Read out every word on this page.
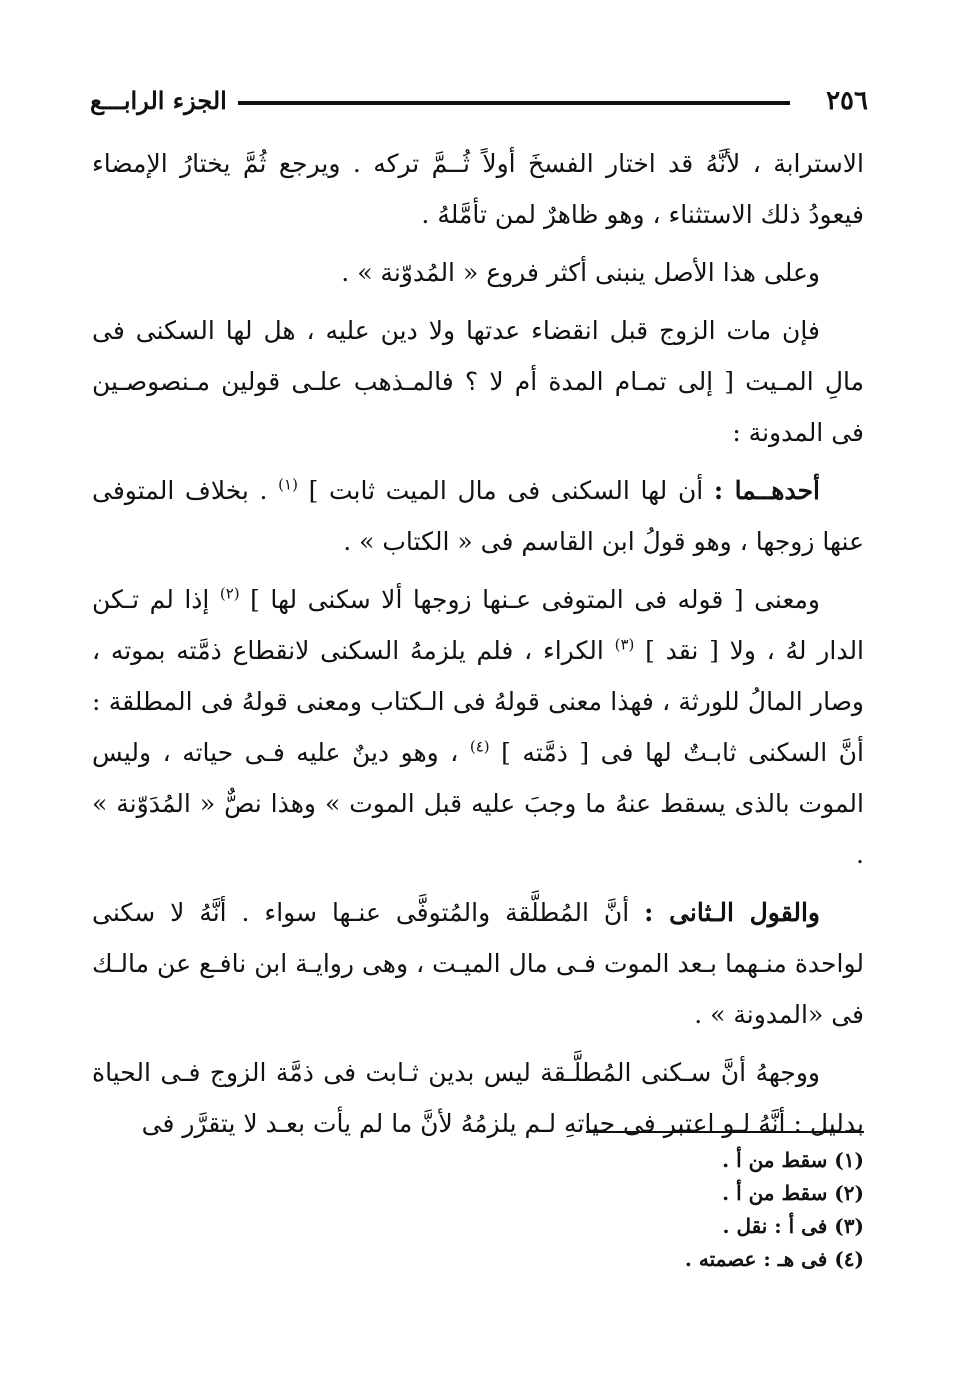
٢٥٦
الجزء الرابـــع

الاسترابة ، لأنَّهُ قد اختار الفسخَ أولاً ثُــمَّ تركه . ويرجع ثُمَّ يختارُ الإمضاء فيعودُ ذلك الاستثناء ، وهو ظاهرٌ لمن تأمَّلهُ .

وعلى هذا الأصل ينبنى أكثر فروع « المُدوّنة » .

فإن مات الزوج قبل انقضاء عدتها ولا دين عليه ، هل لها السكنى فى مالِ المـيت [ إلى تمـام المدة أم لا ؟ فالمـذهب علـى قولين مـنصوصـين فى المدونة :

أحدهــما : أن لها السكنى فى مال الميت ثابت ] $^{(١)}$ . بخلاف المتوفى عنها زوجها ، وهو قولُ ابن القاسم فى « الكتاب » .

ومعنى [ قوله فى المتوفى عـنها زوجها ألا سكنى لها ] $^{(٢)}$ إذا لم تـكن الدار لهُ ، ولا [ نقد ] $^{(٣)}$ الكراء ، فلم يلزمهُ السكنى لانقطاع ذمَّته بموته ، وصار المالُ للورثة ، فهذا معنى قولهُ فى الـكتاب ومعنى قولهُ فى المطلقة : أنَّ السكنى ثابـتٌ لها فى [ ذمَّته ] $^{(٤)}$ ، وهو دينٌ عليه فـى حياته ، وليس الموت بالذى يسقط عنهُ ما وجبَ عليه قبل الموت » وهذا نصٌّ « المُدَوّنة » .

والقول الـثانى : أنَّ المُطلَّقة والمُتوفَّى عنـها سواء . أنَّهُ لا سكنى لواحدة منـهما بـعد الموت فـى مال الميـت ، وهى روايـة ابن نافـع عن مالـك فى «المدونة » .

ووجههُ أنَّ سـكنى المُطلَّـقة ليس بدين ثـابت فى ذمَّة الزوج فـى الحياة بدليل : أنَّهُ لـو اعتبر فى حياتهِ لـم يلزمُهُ لأنَّ ما لم يأت بعـد لا يتقرَّر فى

(١) سقط من أ .
(٢) سقط من أ .
(٣) فى أ : نقل .
(٤) فى هـ : عصمته .
